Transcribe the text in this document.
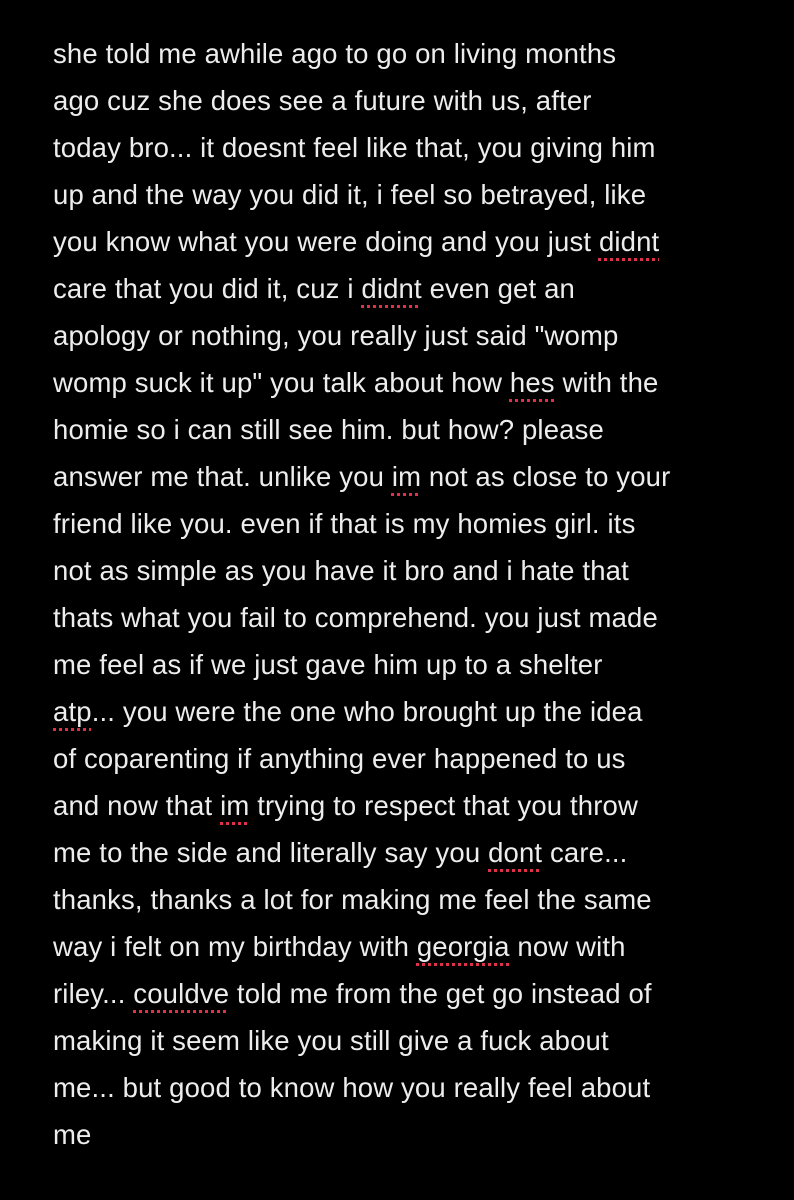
she told me awhile ago to go on living months
ago cuz she does see a future with us, after
today bro... it doesnt feel like that, you giving him
up and the way you did it, i feel so betrayed, like
you know what you were doing and you just didnt
care that you did it, cuz i didnt even get an
apology or nothing, you really just said "womp
womp suck it up" you talk about how hes with the
homie so i can still see him. but how? please
answer me that. unlike you im not as close to your
friend like you. even if that is my homies girl. its
not as simple as you have it bro and i hate that
thats what you fail to comprehend. you just made
me feel as if we just gave him up to a shelter
atp... you were the one who brought up the idea
of coparenting if anything ever happened to us
and now that im trying to respect that you throw
me to the side and literally say you dont care...
thanks, thanks a lot for making me feel the same
way i felt on my birthday with georgia now with
riley... couldve told me from the get go instead of
making it seem like you still give a fuck about
me... but good to know how you really feel about
me
